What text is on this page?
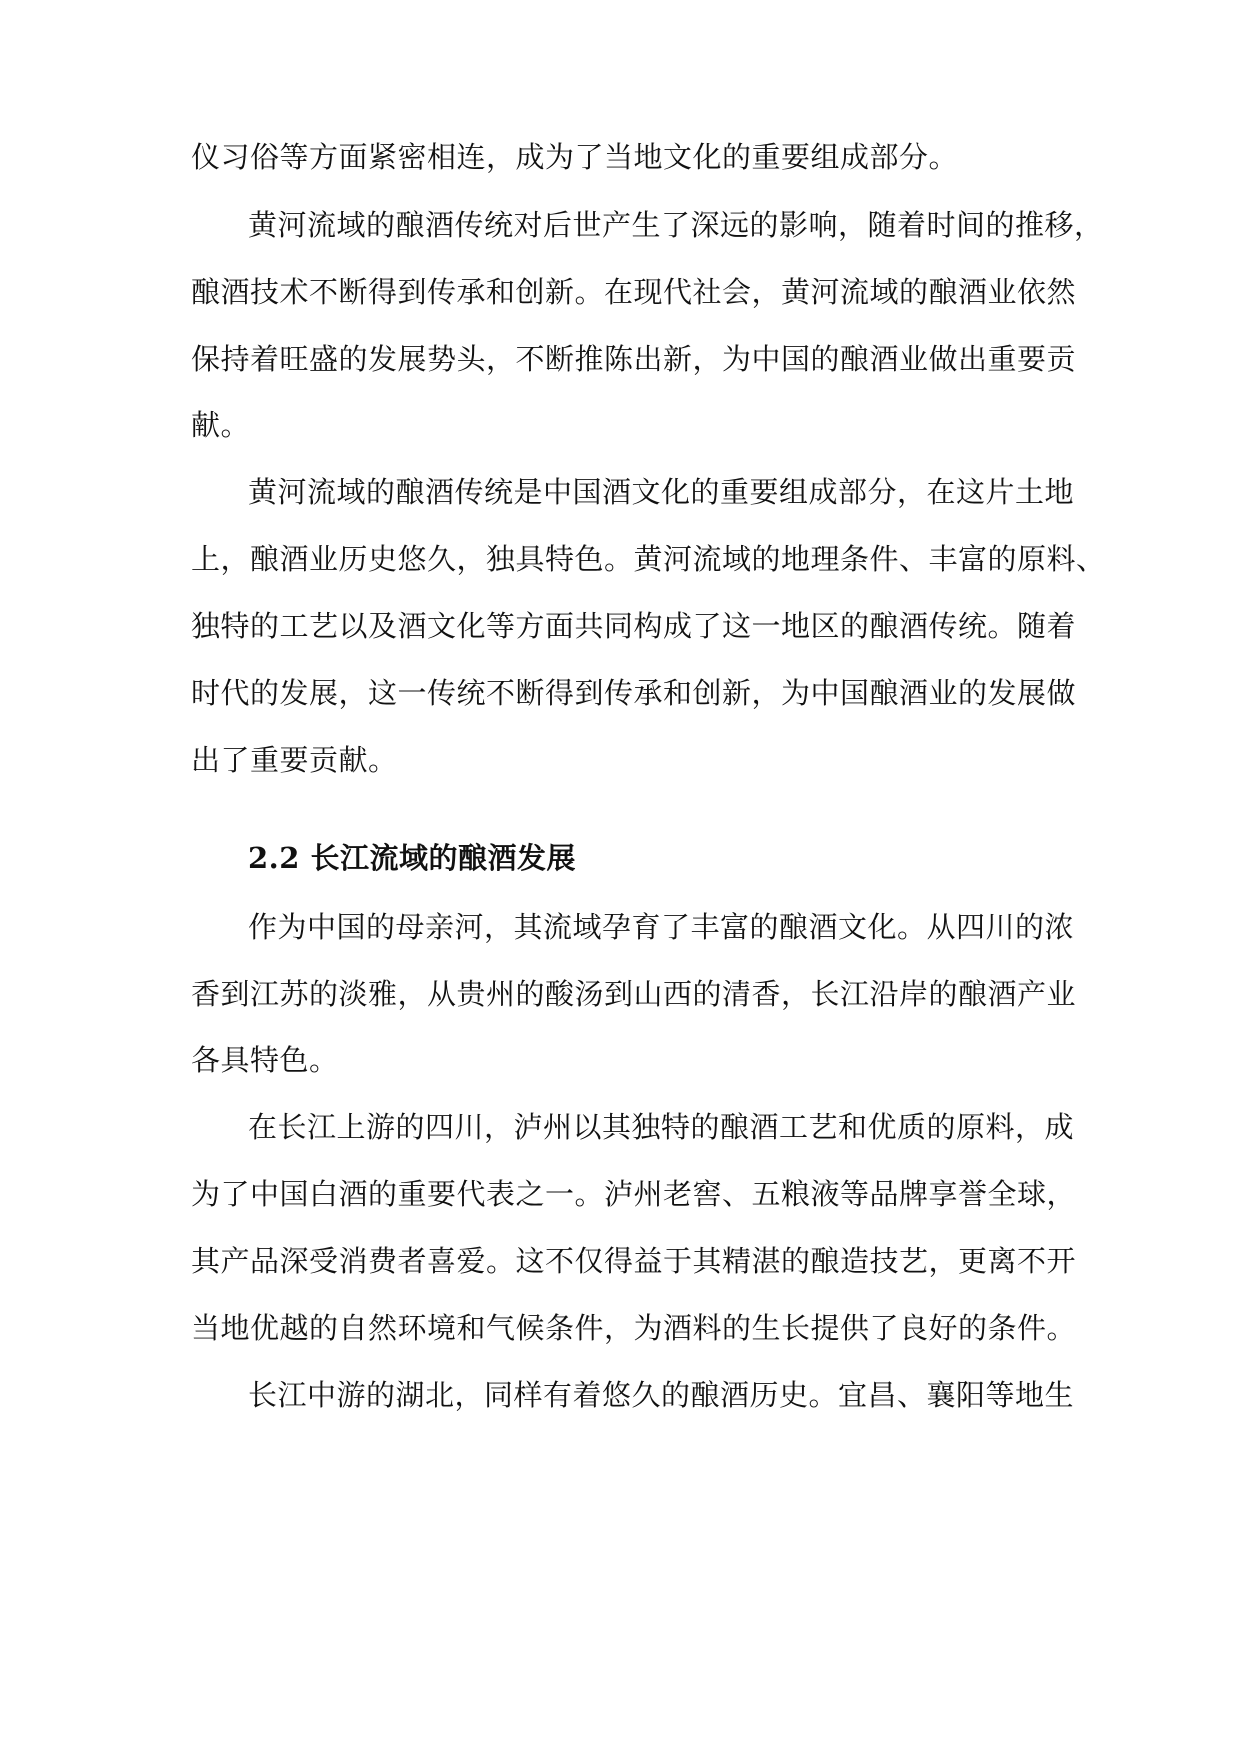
仪习俗等方面紧密相连，成为了当地文化的重要组成部分。
黄河流域的酿酒传统对后世产生了深远的影响，随着时间的推移，
酿酒技术不断得到传承和创新。在现代社会，黄河流域的酿酒业依然
保持着旺盛的发展势头，不断推陈出新，为中国的酿酒业做出重要贡
献。
黄河流域的酿酒传统是中国酒文化的重要组成部分，在这片土地
上，酿酒业历史悠久，独具特色。黄河流域的地理条件、丰富的原料、
独特的工艺以及酒文化等方面共同构成了这一地区的酿酒传统。随着
时代的发展，这一传统不断得到传承和创新，为中国酿酒业的发展做
出了重要贡献。
2.2 长江流域的酿酒发展
作为中国的母亲河，其流域孕育了丰富的酿酒文化。从四川的浓
香到江苏的淡雅，从贵州的酸汤到山西的清香，长江沿岸的酿酒产业
各具特色。
在长江上游的四川，泸州以其独特的酿酒工艺和优质的原料，成
为了中国白酒的重要代表之一。泸州老窖、五粮液等品牌享誉全球，
其产品深受消费者喜爱。这不仅得益于其精湛的酿造技艺，更离不开
当地优越的自然环境和气候条件，为酒料的生长提供了良好的条件。
长江中游的湖北，同样有着悠久的酿酒历史。宜昌、襄阳等地生
